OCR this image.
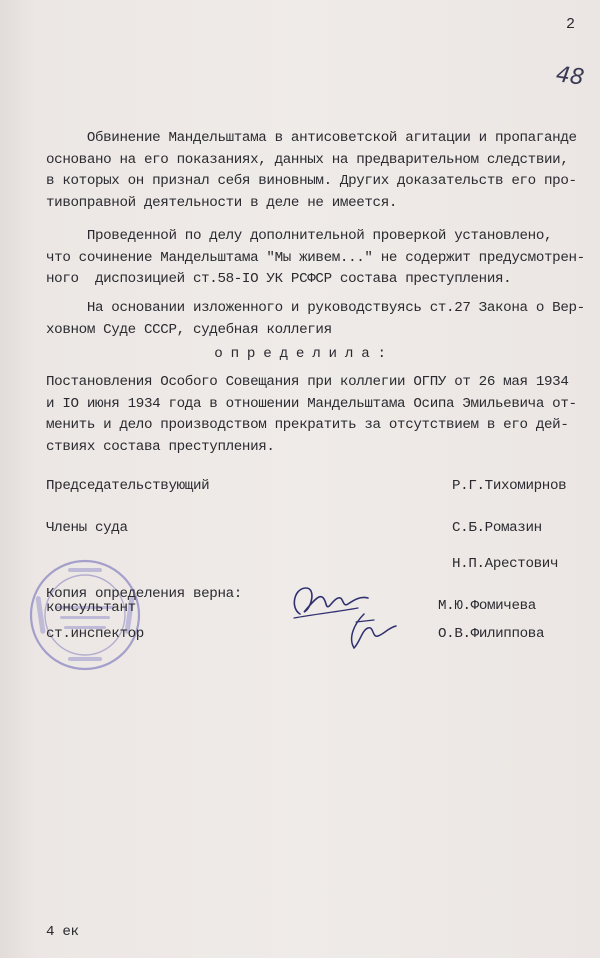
2
48
Обвинение Мандельштама в антисоветской агитации и пропаганде
основано на его показаниях, данных на предварительном следствии,
в которых он признал себя виновным. Других доказательств его про-
тивоправной деятельности в деле не имеется.
Проведенной по делу дополнительной проверкой установлено,
что сочинение Мандельштама "Мы живем..." не содержит предусмотрен-
ного  диспозицией ст.58-IO УК РСФСР состава преступления.
На основании изложенного и руководствуясь ст.27 Закона о Вер-
ховном Суде СССР, судебная коллегия
о п р е д е л и л а :
Постановления Особого Совещания при коллегии ОГПУ от 26 мая 1934
и IO июня 1934 года в отношении Мандельштама Осипа Эмильевича от-
менить и дело производством прекратить за отсутствием в его дей-
ствиях состава преступления.
Председательствующий	Р.Г.Тихомирнов
Члены суда	С.Б.Ромазин
Н.П.Арестович
Копия определения верна:
консультант	М.Ю.Фомичева
ст.инспектор	О.В.Филиппова
4 ек
